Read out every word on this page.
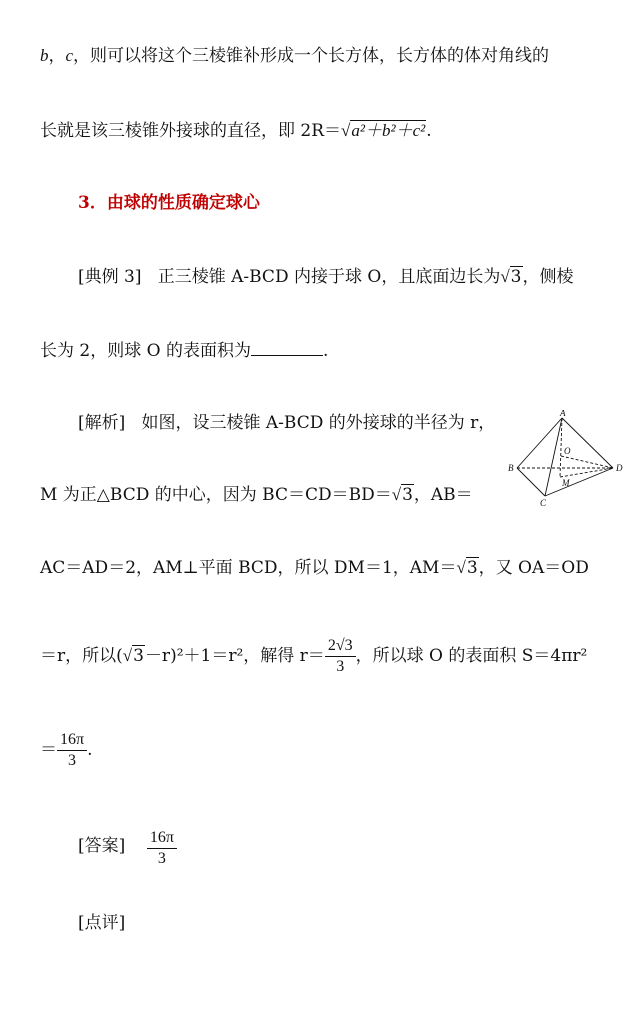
b，c，则可以将这个三棱锥补形成一个长方体，长方体的体对角线的
长就是该三棱锥外接球的直径，即 2R＝√a²＋b²＋c².
3．由球的性质确定球心
[典例 3] 正三棱锥 A-BCD 内接于球 O，且底面边长为√3，侧棱
长为 2，则球 O 的表面积为	.
[解析] 如图，设三棱锥 A-BCD 的外接球的半径为 r，
M 为正△BCD 的中心，因为 BC＝CD＝BD＝√3，AB＝
AC＝AD＝2，AM⊥平面 BCD，所以 DM＝1，AM＝√3，又 OA＝OD
＝r，所以(√3－r)²＋1＝r²，解得 $r= \frac{2√3}{3}$ ，所以球 O 的表面积 S＝4πr²
＝ $\frac{16\pi}{3}$ .
A
B
C
D
O
M
[答案] $\frac{16\pi}{3}$
[点评]
